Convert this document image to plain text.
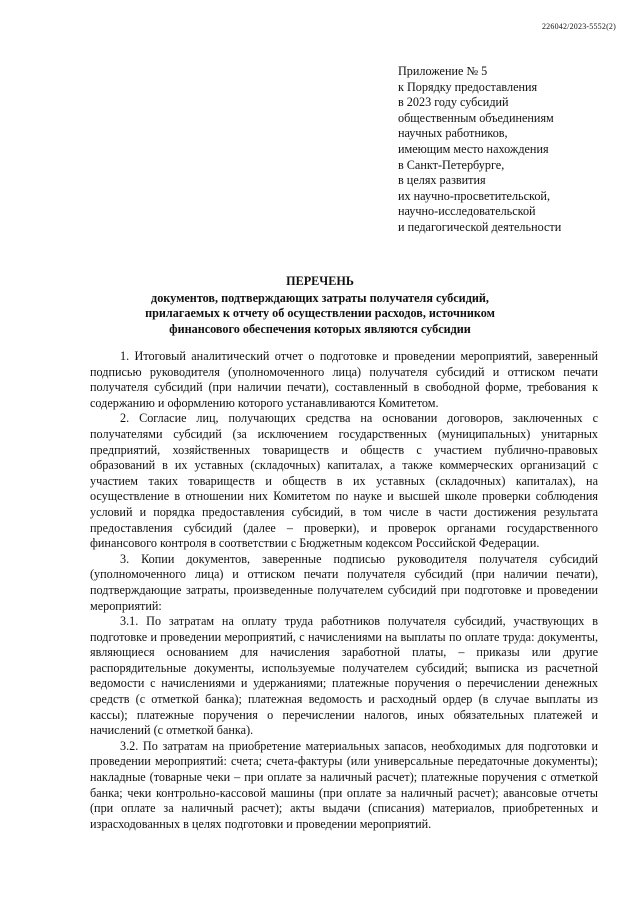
226042/2023-5552(2)
Приложение № 5
к Порядку предоставления
в 2023 году субсидий
общественным объединениям
научных работников,
имеющим место нахождения
в Санкт-Петербурге,
в целях развития
их научно-просветительской,
научно-исследовательской
и педагогической деятельности
ПЕРЕЧЕНЬ
документов, подтверждающих затраты получателя субсидий,
прилагаемых к отчету об осуществлении расходов, источником
финансового обеспечения которых являются субсидии

1. Итоговый аналитический отчет о подготовке и проведении мероприятий, заверенный подписью руководителя (уполномоченного лица) получателя субсидий и оттиском печати получателя субсидий (при наличии печати), составленный в свободной форме, требования к содержанию и оформлению которого устанавливаются Комитетом.

2. Согласие лиц, получающих средства на основании договоров, заключенных с получателями субсидий (за исключением государственных (муниципальных) унитарных предприятий, хозяйственных товариществ и обществ с участием публично-правовых образований в их уставных (складочных) капиталах, а также коммерческих организаций с участием таких товариществ и обществ в их уставных (складочных) капиталах), на осуществление в отношении них Комитетом по науке и высшей школе проверки соблюдения условий и порядка предоставления субсидий, в том числе в части достижения результата предоставления субсидий (далее – проверки), и проверок органами государственного финансового контроля в соответствии с Бюджетным кодексом Российской Федерации.

3. Копии документов, заверенные подписью руководителя получателя субсидий (уполномоченного лица) и оттиском печати получателя субсидий (при наличии печати), подтверждающие затраты, произведенные получателем субсидий при подготовке и проведении мероприятий:

3.1. По затратам на оплату труда работников получателя субсидий, участвующих в подготовке и проведении мероприятий, с начислениями на выплаты по оплате труда: документы, являющиеся основанием для начисления заработной платы, – приказы или другие распорядительные документы, используемые получателем субсидий; выписка из расчетной ведомости с начислениями и удержаниями; платежные поручения о перечислении денежных средств (с отметкой банка); платежная ведомость и расходный ордер (в случае выплаты из кассы); платежные поручения о перечислении налогов, иных обязательных платежей и начислений (с отметкой банка).

3.2. По затратам на приобретение материальных запасов, необходимых для подготовки и проведении мероприятий: счета; счета-фактуры (или универсальные передаточные документы); накладные (товарные чеки – при оплате за наличный расчет); платежные поручения с отметкой банка; чеки контрольно-кассовой машины (при оплате за наличный расчет); авансовые отчеты (при оплате за наличный расчет); акты выдачи (списания) материалов, приобретенных и израсходованных в целях подготовки и проведении мероприятий.
